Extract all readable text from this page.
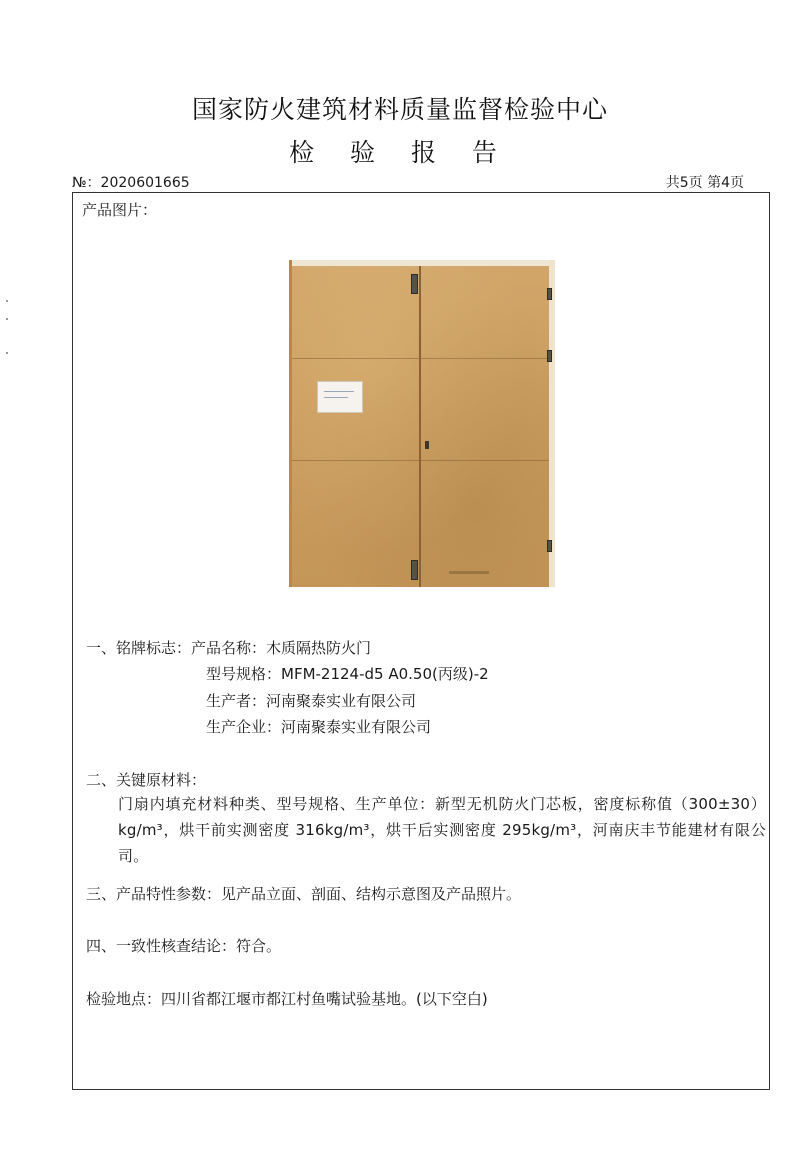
国家防火建筑材料质量监督检验中心
检 验 报 告
№：2020601665	共5页 第4页
产品图片：
一、铭牌标志：产品名称：木质隔热防火门
型号规格：MFM-2124-d5 A0.50(丙级)-2
生产者：河南聚泰实业有限公司
生产企业：河南聚泰实业有限公司
二、关键原材料：
门扇内填充材料种类、型号规格、生产单位：新型无机防火门芯板，密度标称值（300±30）kg/m³，烘干前实测密度 316kg/m³，烘干后实测密度 295kg/m³，河南庆丰节能建材有限公司。
三、产品特性参数：见产品立面、剖面、结构示意图及产品照片。
四、一致性核查结论：符合。
检验地点：四川省都江堰市都江村鱼嘴试验基地。(以下空白)
